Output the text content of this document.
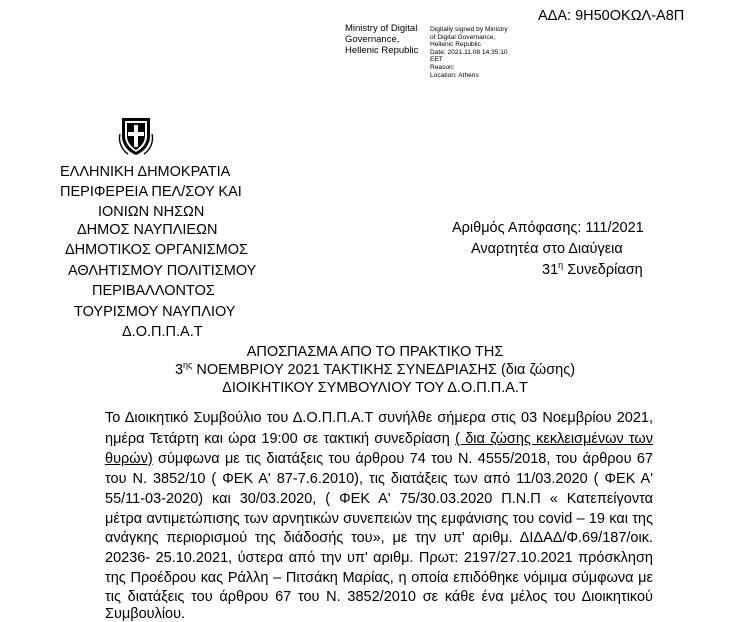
ΑΔΑ: 9Η50ΟΚΩΛ-Α8Π
Ministry of Digital
Governance,
Hellenic Republic
Digitally signed by Ministry
of Digital Governance,
Hellenic Republic
Date: 2021.11.08 14:35:10
EET
Reason:
Location: Athens
ΕΛΛΗΝΙΚΗ ΔΗΜΟΚΡΑΤΙΑ
ΠΕΡΙΦΕΡΕΙΑ ΠΕΛ/ΣΟΥ ΚΑΙ
ΙΟΝΙΩΝ ΝΗΣΩΝ
ΔΗΜΟΣ ΝΑΥΠΛΙΕΩΝ
ΔΗΜΟΤΙΚΟΣ ΟΡΓΑΝΙΣΜΟΣ
ΑΘΛΗΤΙΣΜΟΥ ΠΟΛΙΤΙΣΜΟΥ
ΠΕΡΙΒΑΛΛΟΝΤΟΣ
ΤΟΥΡΙΣΜΟΥ ΝΑΥΠΛΙΟΥ
Δ.Ο.Π.Π.Α.Τ
Αριθμός Απόφασης: 111/2021
Αναρτητέα στο Διαύγεια
$31^\eta$ Συνεδρίαση
ΑΠΟΣΠΑΣΜΑ ΑΠΟ ΤΟ ΠΡΑΚΤΙΚΟ ΤΗΣ
$3^{\eta\varsigma}$ ΝΟΕΜΒΡΙΟΥ 2021 ΤΑΚΤΙΚΗΣ ΣΥΝΕΔΡΙΑΣΗΣ (δια ζώσης)
ΔΙΟΙΚΗΤΙΚΟΥ ΣΥΜΒΟΥΛΙΟΥ ΤΟΥ Δ.Ο.Π.Π.Α.Τ
Το Διοικητικό Συμβούλιο του Δ.Ο.Π.Π.Α.Τ συνήλθε σήμερα στις 03 Νοεμβρίου 2021,
ημέρα Τετάρτη και ώρα 19:00 σε τακτική συνεδρίαση ( δια ζώσης κεκλεισμένων των
θυρών) σύμφωνα με τις διατάξεις του άρθρου 74 του Ν. 4555/2018, του άρθρου 67
του Ν. 3852/10 ( ΦΕΚ Α' 87-7.6.2010), τις διατάξεις των από 11/03.2020 ( ΦΕΚ Α'
55/11-03-2020) και 30/03.2020, ( ΦΕΚ Α' 75/30.03.2020 Π.Ν.Π « Κατεπείγοντα
μέτρα αντιμετώπισης των αρνητικών συνεπειών της εμφάνισης του covid – 19 και της
ανάγκης περιορισμού της διάδοσής του», με την υπ' αριθμ. ΔΙΔΑΔ/Φ.69/187/οικ.
20236- 25.10.2021, ύστερα από την υπ' αριθμ. Πρωτ: 2197/27.10.2021 πρόσκληση
της Προέδρου κας Ράλλη – Πιτσάκη Μαρίας, η οποία επιδόθηκε νόμιμα σύμφωνα με
τις διατάξεις του άρθρου 67 του Ν. 3852/2010 σε κάθε ένα μέλος του Διοικητικού
Συμβουλίου.
